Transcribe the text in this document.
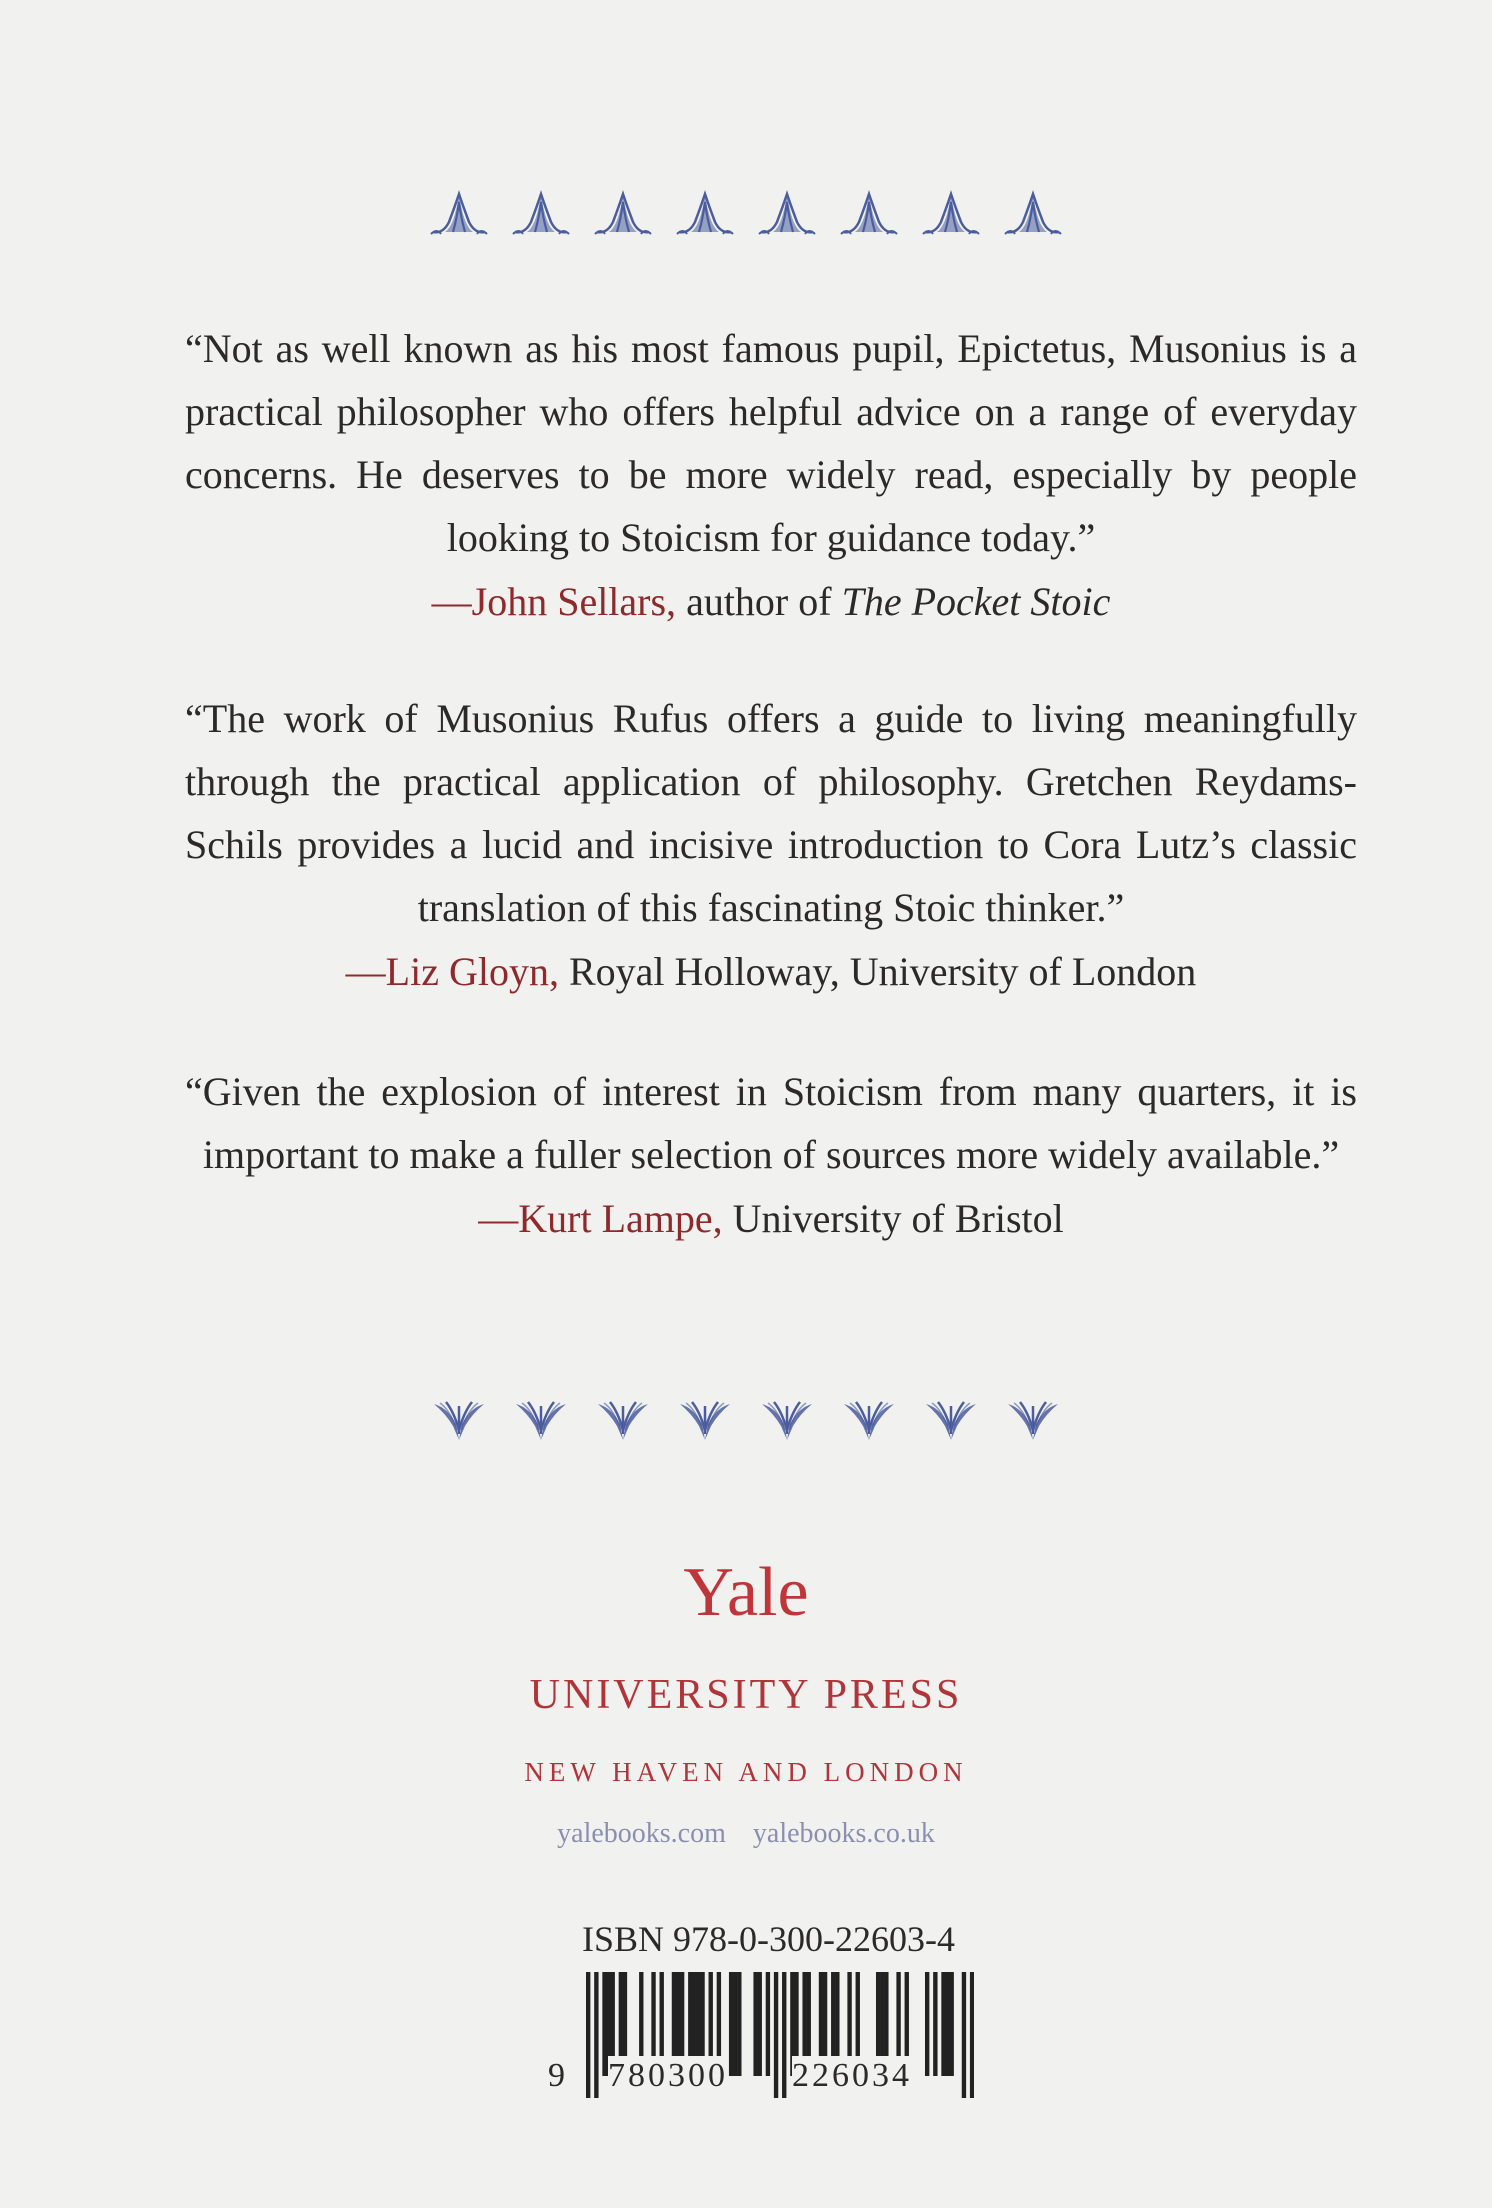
“Not as well known as his most famous pupil, Epictetus, Musonius is a practical philosopher who offers helpful advice on a range of everyday concerns. He deserves to be more widely read, especially by people looking to Stoicism for guidance today.”
—John Sellars, author of The Pocket Stoic
“The work of Musonius Rufus offers a guide to living meaningfully through the practical application of philosophy. Gretchen Reydams-Schils provides a lucid and incisive introduction to Cora Lutz’s classic translation of this fascinating Stoic thinker.”
—Liz Gloyn, Royal Holloway, University of London
“Given the explosion of interest in Stoicism from many quarters, it is important to make a fuller selection of sources more widely available.”
—Kurt Lampe, University of Bristol
Yale
UNIVERSITY PRESS
NEW HAVEN AND LONDON
yalebooks.com yalebooks.co.uk
ISBN 978-0-300-22603-4
9 780300 226034
